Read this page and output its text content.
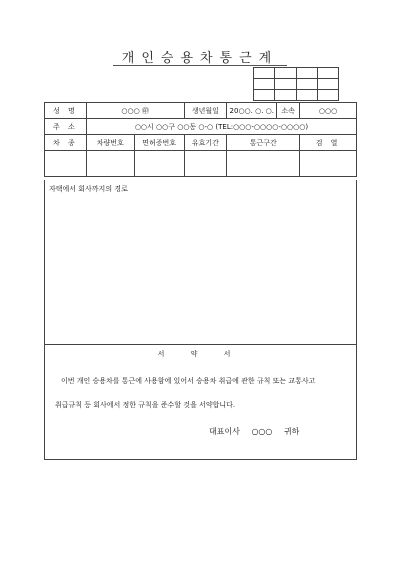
개인승용차통근계

성 명	○○○ ㊞		생년월일	20○○. ○. ○.	소속	○○○
주 소	○○시 ○○구 ○○동 ○-○ (TEL:○○○-○○○○-○○○○)					
차 종	차량번호	면허증번호	유효기간	통근구간		검 열

자택에서 회사까지의 경로
서 약 서
이번 개인 승용차를 통근에 사용함에 있어서 승용차 취급에 관한 규칙 또는 교통사고
취급규칙 등 회사에서 정한 규칙을 준수할 것을 서약합니다.
대표이사 ○○○ 귀하
